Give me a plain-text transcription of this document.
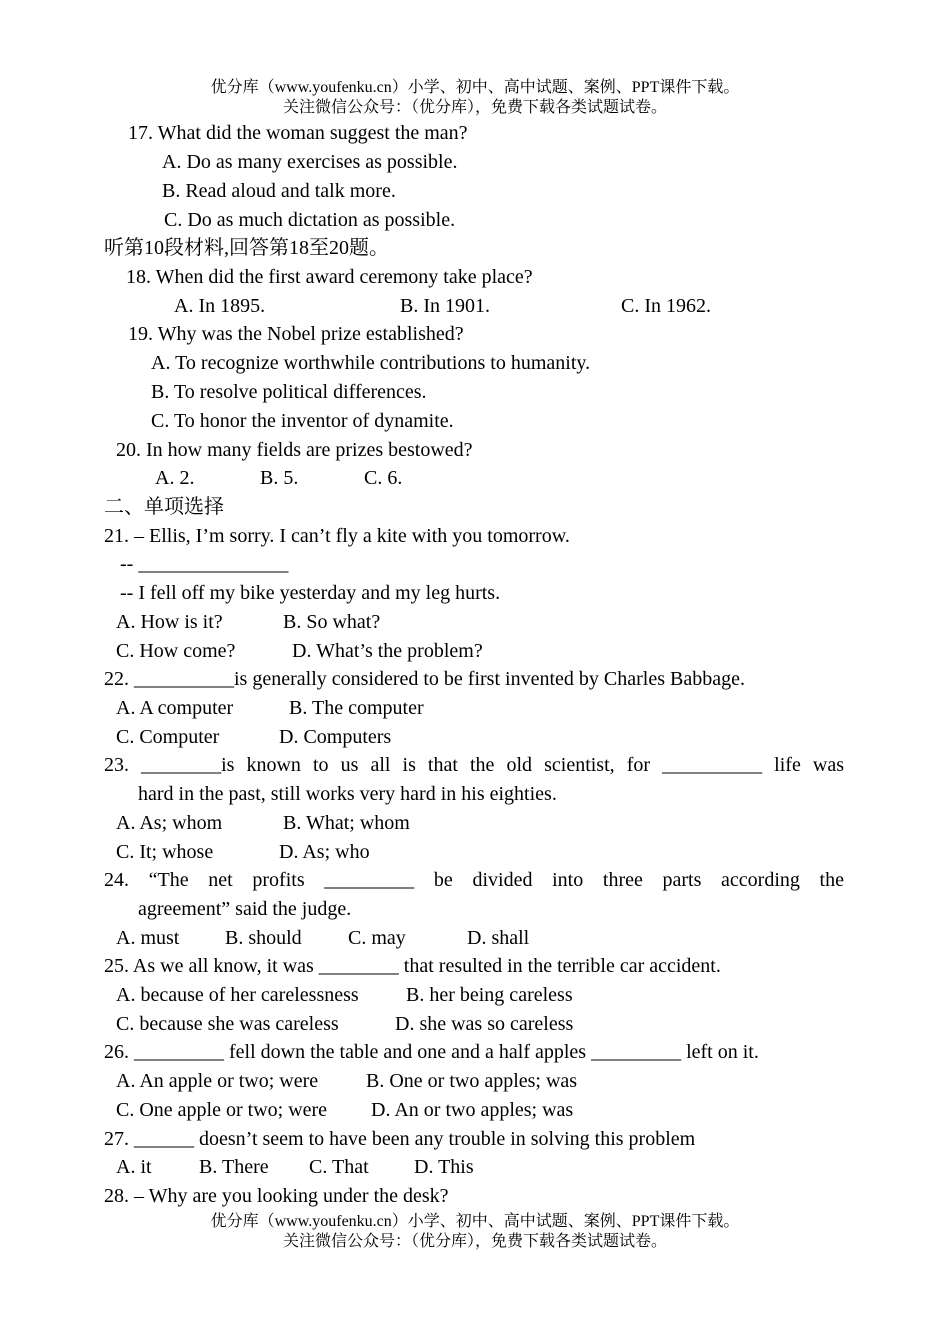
优分库（www.youfenku.cn）小学、初中、高中试题、案例、PPT课件下载。
关注微信公众号：（优分库），免费下载各类试题试卷。
17. What did the woman suggest the man?
A. Do as many exercises as possible.
B. Read aloud and talk more.
C. Do as much dictation as possible.
听第10段材料,回答第18至20题。
18. When did the first award ceremony take place?
A. In 1895.	B. In 1901.	C. In 1962.
19. Why was the Nobel prize established?
A. To recognize worthwhile contributions to humanity.
B. To resolve political differences.
C. To honor the inventor of dynamite.
20. In how many fields are prizes bestowed?
A. 2.	B. 5.	C. 6.
二、单项选择
21. – Ellis, I’m sorry. I can’t fly a kite with you tomorrow.
-- _______________
-- I fell off my bike yesterday and my leg hurts.
A. How is it?	B. So what?
C. How come?	D. What’s the problem?
22. __________is generally considered to be first invented by Charles Babbage.
A. A computer	B. The computer
C. Computer	D. Computers
23. ________is known to us all is that the old scientist, for __________ life was
hard in the past, still works very hard in his eighties.
A. As; whom	B. What; whom
C. It; whose	D. As; who
24. “The net profits _________ be divided into three parts according the
agreement” said the judge.
A. must B. should C. may	D. shall
25. As we all know, it was ________ that resulted in the terrible car accident.
A. because of her carelessness B. her being careless
C. because she was careless	D. she was so careless
26. _________ fell down the table and one and a half apples _________ left on it.
A. An apple or two; were B. One or two apples; was
C. One apple or two; were D. An or two apples; was
27. ______ doesn’t seem to have been any trouble in solving this problem
A. it B. There C. That D. This
28. – Why are you looking under the desk?
优分库（www.youfenku.cn）小学、初中、高中试题、案例、PPT课件下载。
关注微信公众号：（优分库），免费下载各类试题试卷。
